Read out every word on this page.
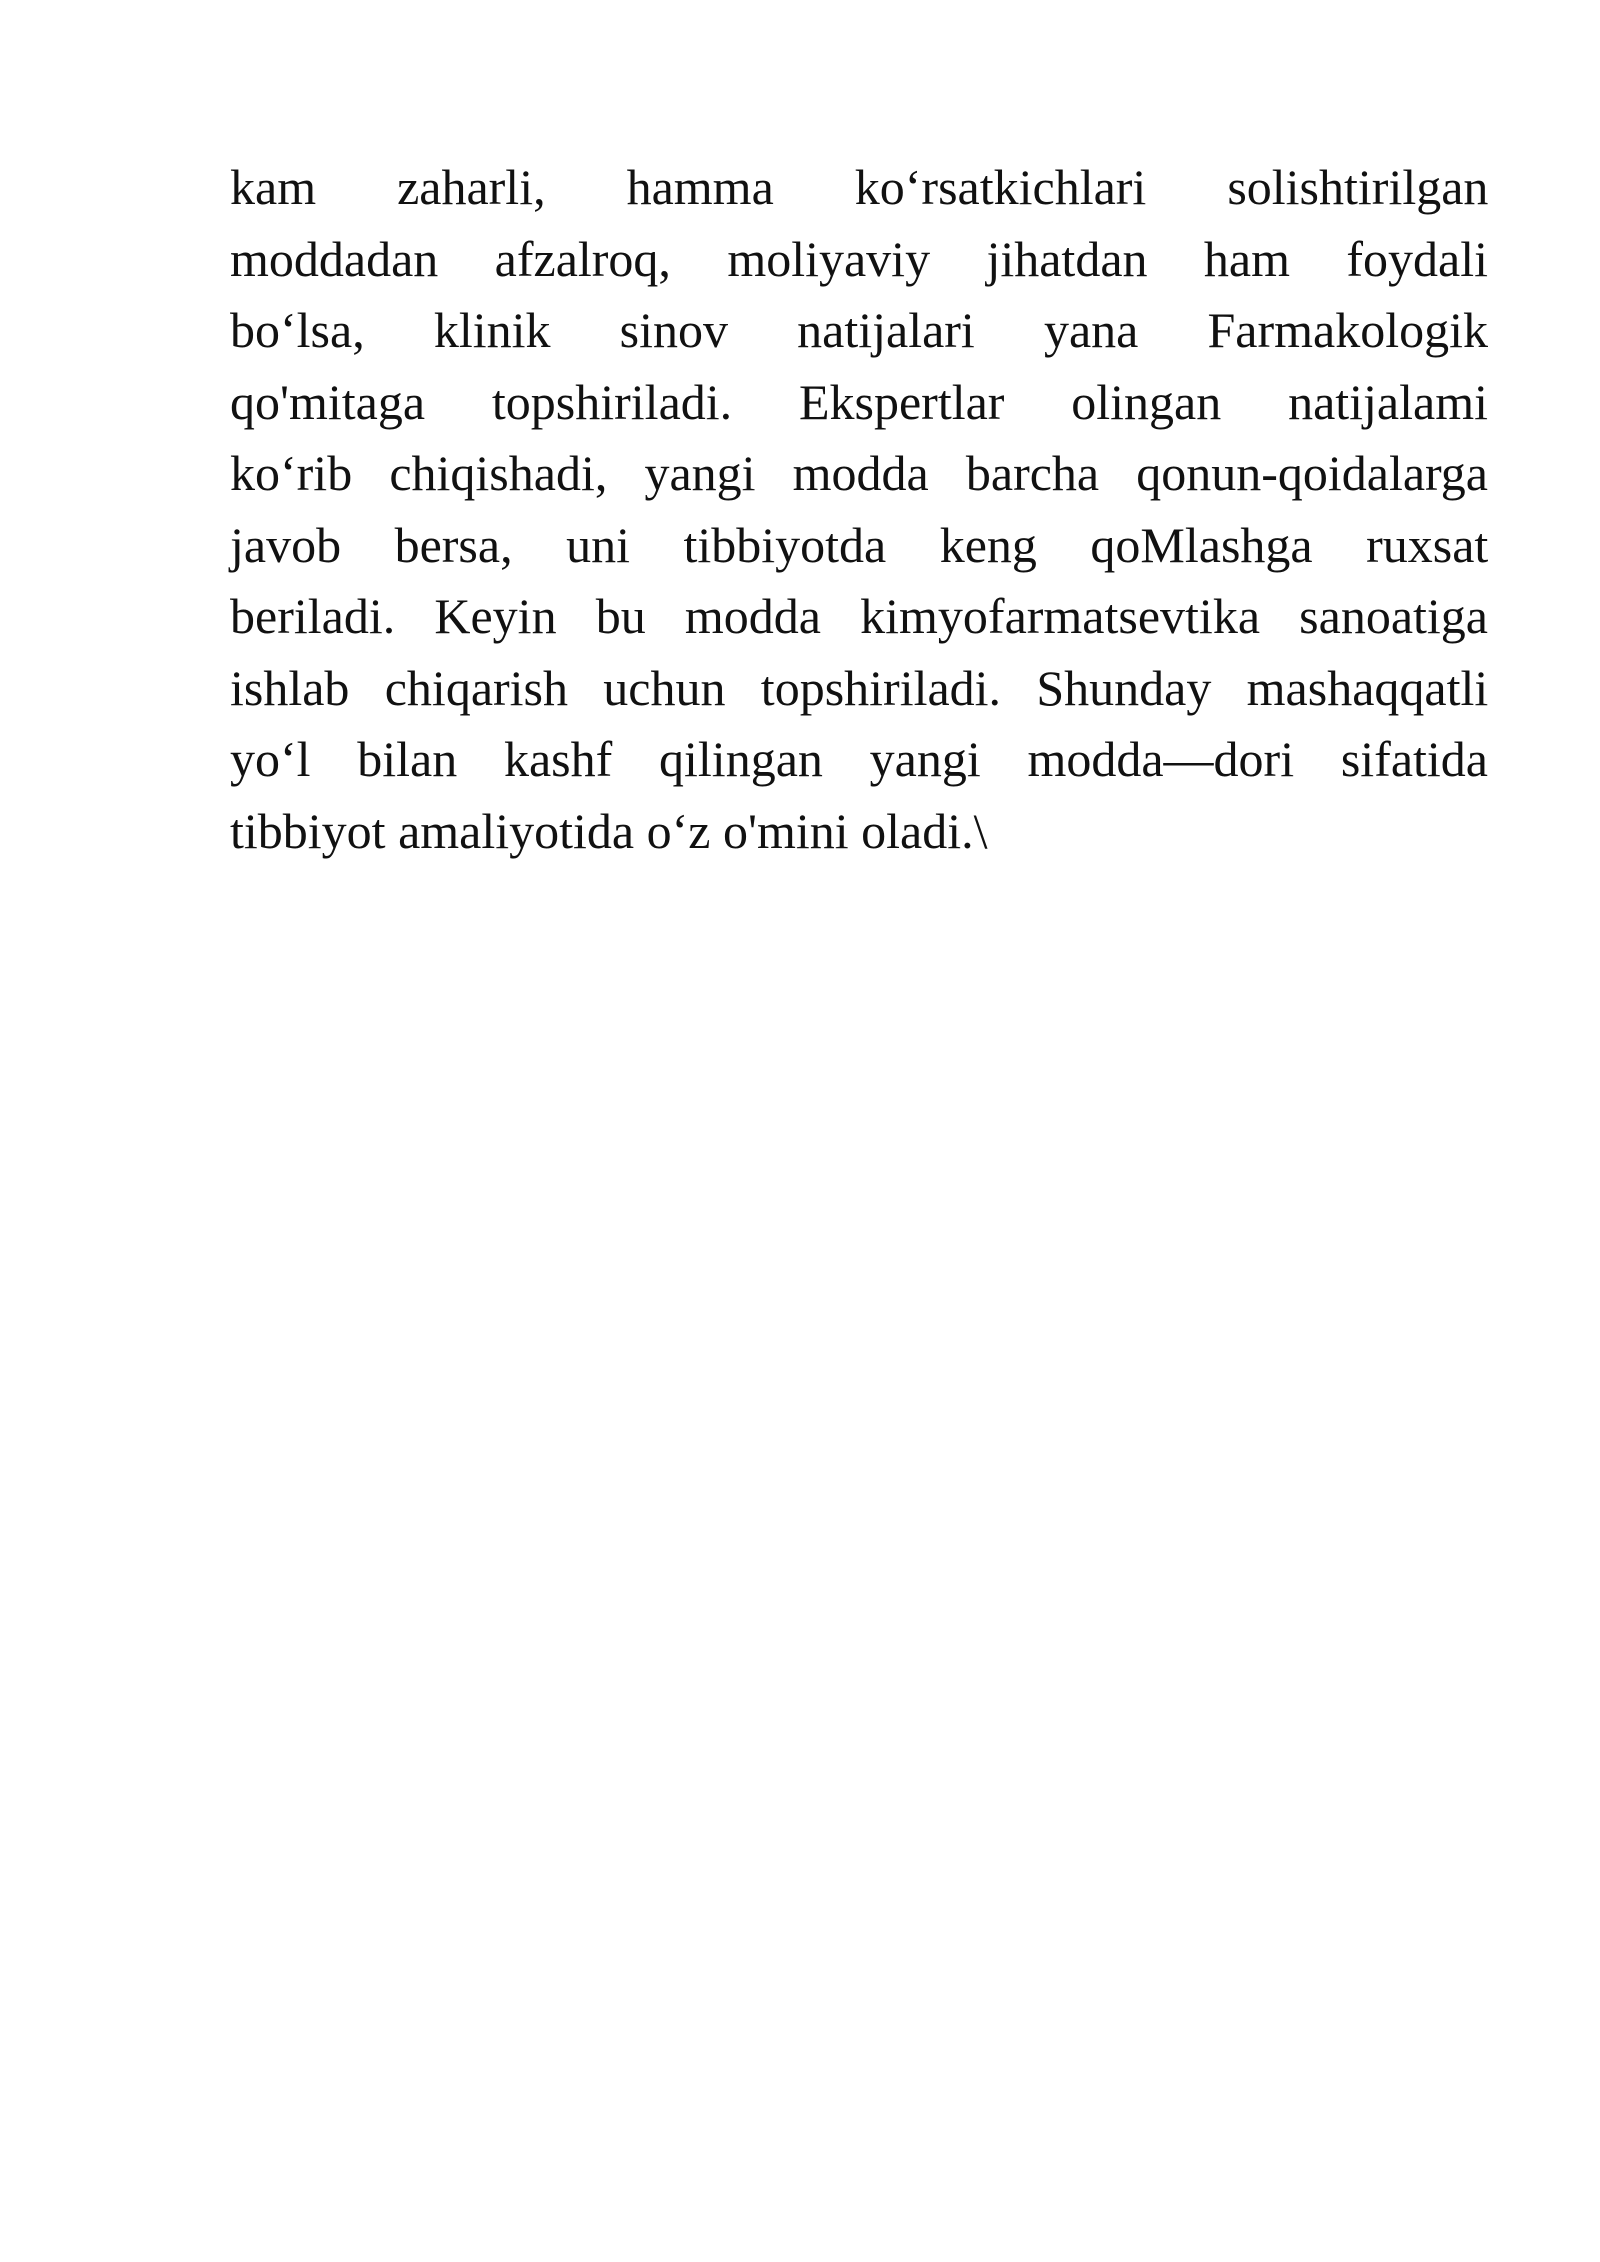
kam zaharli, hamma ko‘rsatkichlari solishtirilgan
moddadan afzalroq, moliyaviy jihatdan ham foydali
bo‘lsa, klinik sinov natijalari yana Farmakologik
qo'mitaga topshiriladi. Ekspertlar olingan natijalami
ko‘rib chiqishadi, yangi modda barcha qonun-qoidalarga
javob bersa, uni tibbiyotda keng qoMlashga ruxsat
beriladi. Keyin bu modda kimyofarmatsevtika sanoatiga
ishlab chiqarish uchun topshiriladi. Shunday mashaqqatli
yo‘l bilan kashf qilingan yangi modda—dori sifatida
tibbiyot amaliyotida o‘z o'mini oladi.\
